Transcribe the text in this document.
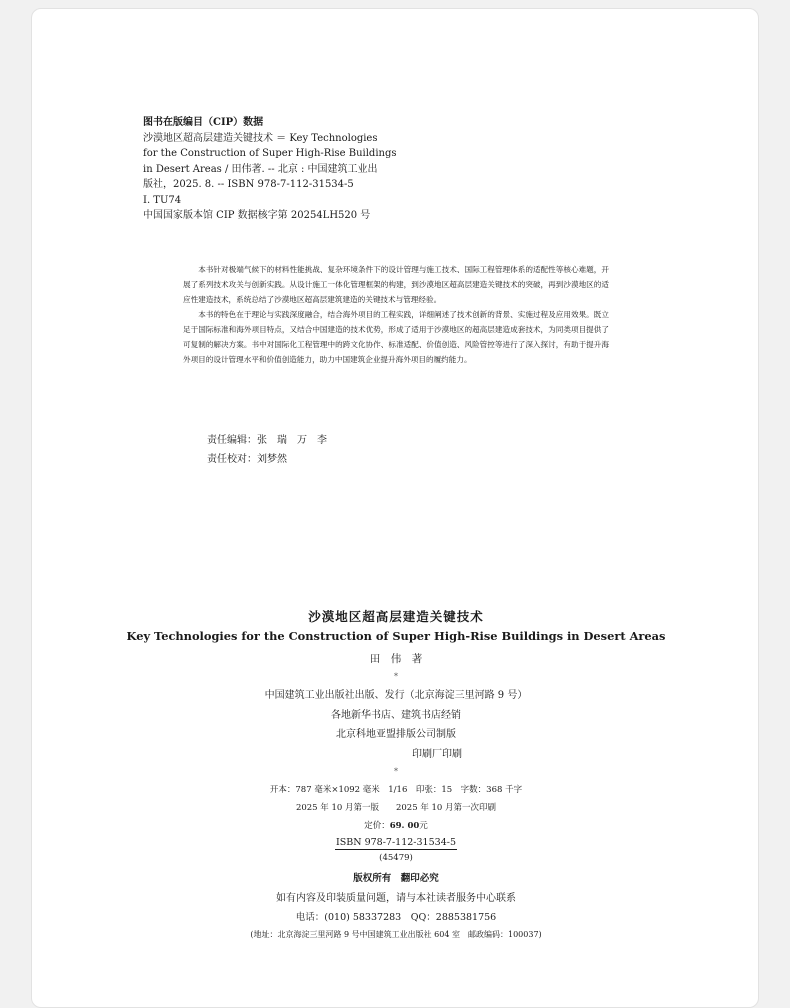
图书在版编目（CIP）数据
沙漠地区超高层建造关键技术 ＝ Key Technologies
for the Construction of Super High-Rise Buildings
in Desert Areas / 田伟著. -- 北京 : 中国建筑工业出
版社，2025. 8. -- ISBN 978-7-112-31534-5
Ⅰ. TU74
中国国家版本馆 CIP 数据核字第 20254LH520 号

本书针对极端气候下的材料性能挑战、复杂环境条件下的设计管理与施工技术、国际工程管理体系的适配性等核心难题，开展了系列技术攻关与创新实践。从设计施工一体化管理框架的构建，到沙漠地区超高层建造关键技术的突破，再到沙漠地区的适应性建造技术，系统总结了沙漠地区超高层建筑建造的关键技术与管理经验。

本书的特色在于理论与实践深度融合，结合海外项目的工程实践，详细阐述了技术创新的背景、实施过程及应用效果。既立足于国际标准和海外项目特点，又结合中国建造的技术优势，形成了适用于沙漠地区的超高层建造成套技术，为同类项目提供了可复制的解决方案。书中对国际化工程管理中的跨文化协作、标准适配、价值创造、风险管控等进行了深入探讨，有助于提升海外项目的设计管理水平和价值创造能力，助力中国建筑企业提升海外项目的履约能力。

责任编辑：张　瑞　万　李
责任校对：刘梦然
沙漠地区超高层建造关键技术
Key Technologies for the Construction of Super High-Rise Buildings in Desert Areas
田　伟　著
*
中国建筑工业出版社出版、发行（北京海淀三里河路 9 号）
各地新华书店、建筑书店经销
北京科地亚盟排版公司制版
印刷厂印刷
*
开本：787 毫米×1092 毫米　1/16　印张：15　字数：368 千字
2025 年 10 月第一版　　2025 年 10 月第一次印刷
定价：69. 00元
ISBN 978-7-112-31534-5
(45479)
版权所有　翻印必究
如有内容及印装质量问题，请与本社读者服务中心联系
电话：(010) 58337283　QQ：2885381756
(地址：北京海淀三里河路 9 号中国建筑工业出版社 604 室　邮政编码：100037)
